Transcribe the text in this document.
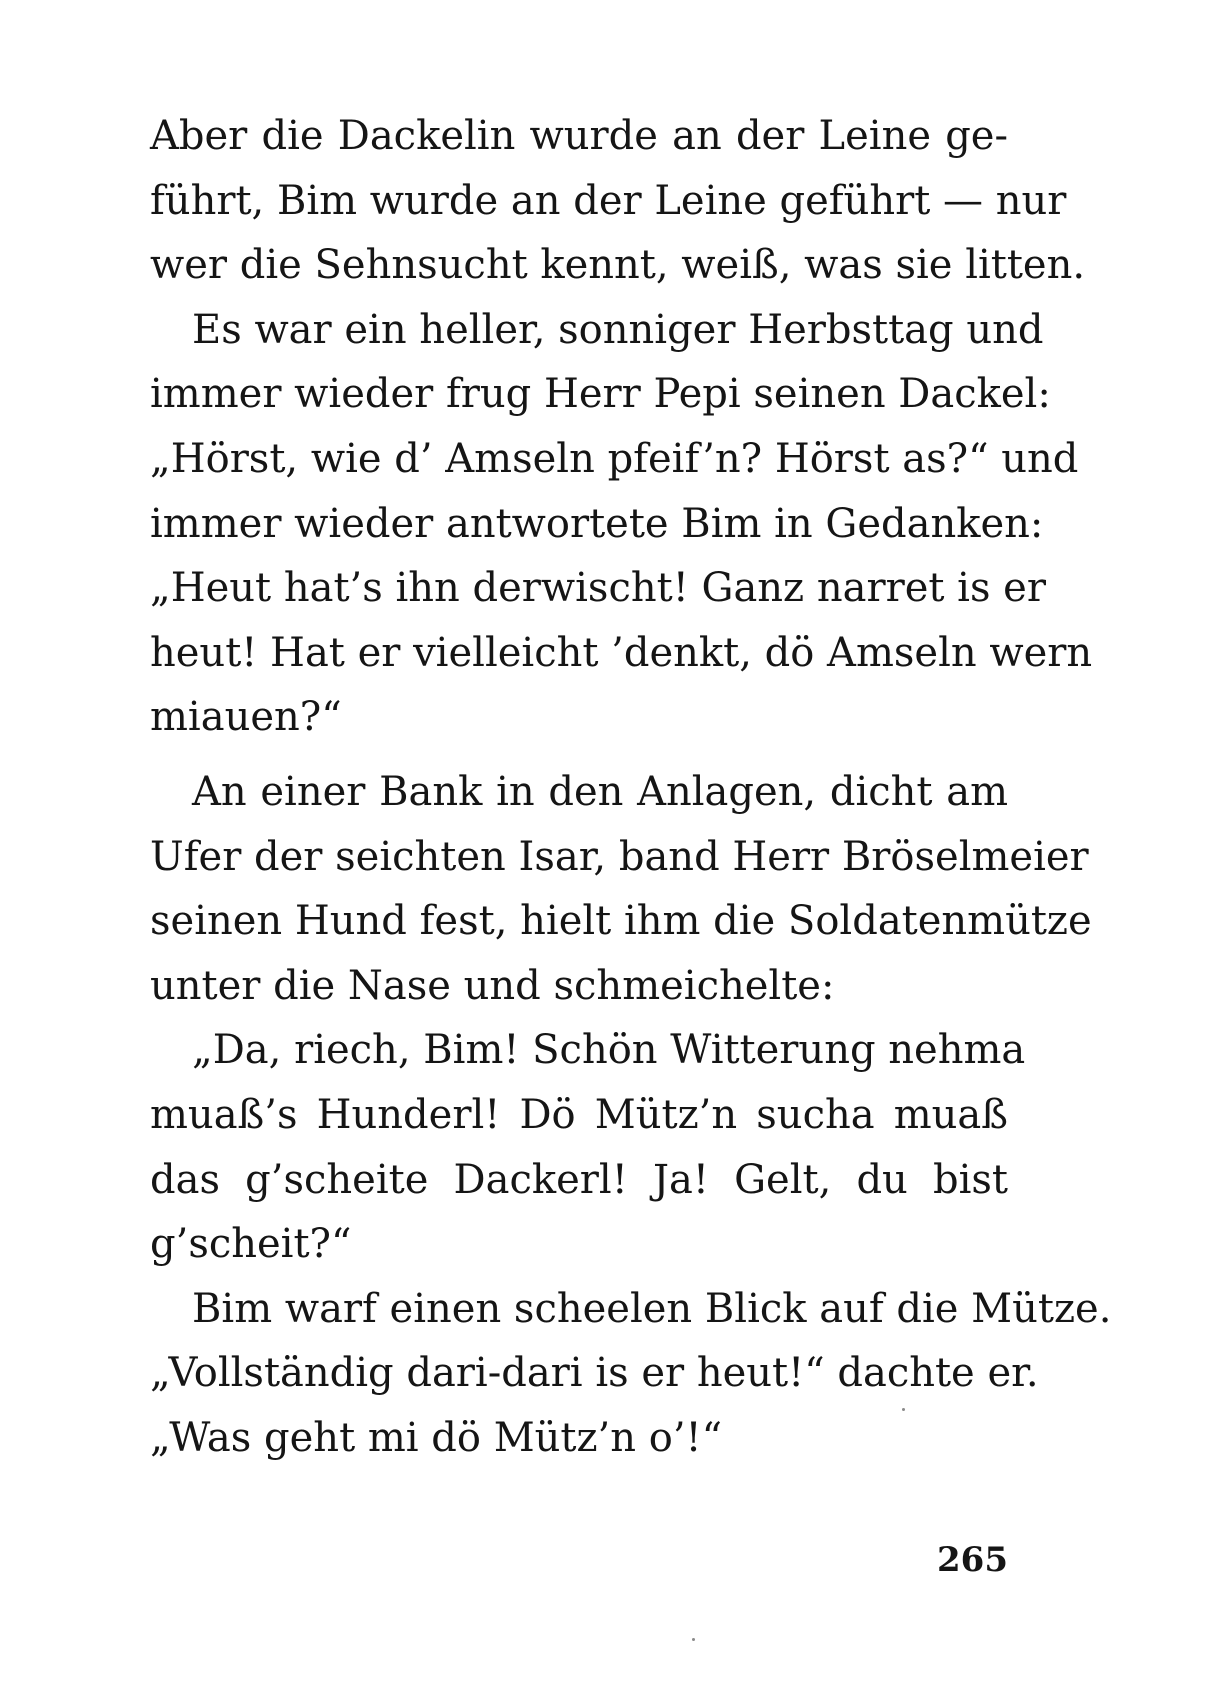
Aber die Dackelin wurde an der Leine ge-
führt, Bim wurde an der Leine geführt — nur
wer die Sehnsucht kennt, weiß, was sie litten.
Es war ein heller, sonniger Herbsttag und
immer wieder frug Herr Pepi seinen Dackel:
„Hörst, wie d’ Amseln pfeif’n? Hörst as?“ und
immer wieder antwortete Bim in Gedanken:
„Heut hat’s ihn derwischt! Ganz narret is er
heut! Hat er vielleicht ’denkt, dö Amseln wern
miauen?“
An einer Bank in den Anlagen, dicht am
Ufer der seichten Isar, band Herr Bröselmeier
seinen Hund fest, hielt ihm die Soldatenmütze
unter die Nase und schmeichelte:
„Da, riech, Bim! Schön Witterung nehma
muaß’s Hunderl! Dö Mütz’n sucha muaß
das g’scheite Dackerl! Ja! Gelt, du bist
g’scheit?“
Bim warf einen scheelen Blick auf die Mütze.
„Vollständig dari-dari is er heut!“ dachte er.
„Was geht mi dö Mütz’n o’!“
265
